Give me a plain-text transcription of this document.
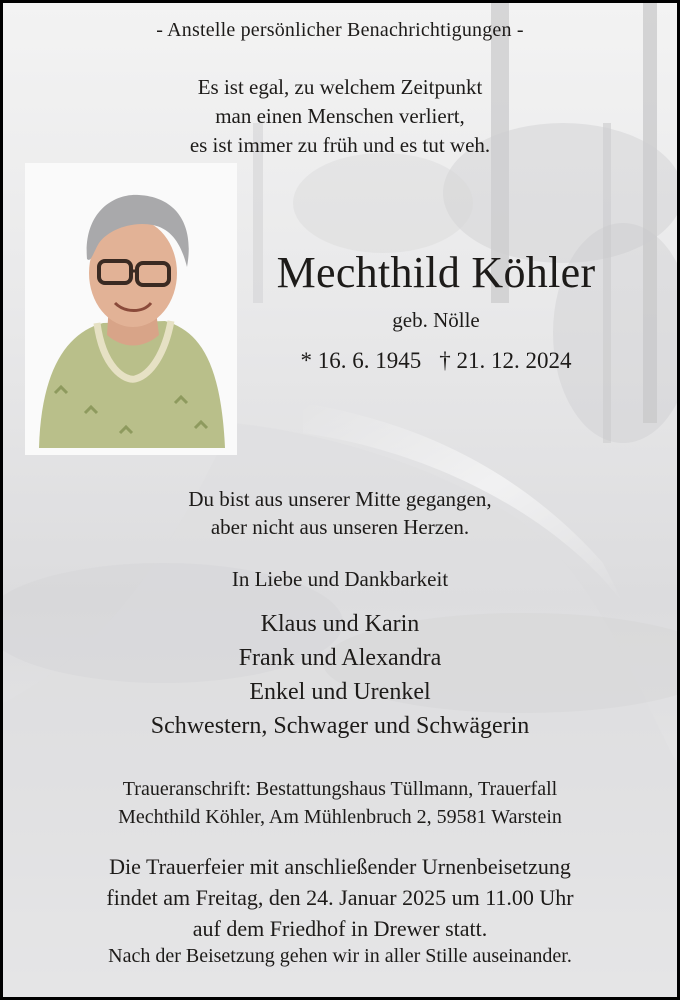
- Anstelle persönlicher Benachrichtigungen -
Es ist egal, zu welchem Zeitpunkt
man einen Menschen verliert,
es ist immer zu früh und es tut weh.
Mechthild Köhler
geb. Nölle
* 16. 6. 1945 † 21. 12. 2024
Du bist aus unserer Mitte gegangen,
aber nicht aus unseren Herzen.
In Liebe und Dankbarkeit
Klaus und Karin
Frank und Alexandra
Enkel und Urenkel
Schwestern, Schwager und Schwägerin
Traueranschrift: Bestattungshaus Tüllmann, Trauerfall
Mechthild Köhler, Am Mühlenbruch 2, 59581 Warstein
Die Trauerfeier mit anschließender Urnenbeisetzung
findet am Freitag, den 24. Januar 2025 um 11.00 Uhr
auf dem Friedhof in Drewer statt.
Nach der Beisetzung gehen wir in aller Stille auseinander.
